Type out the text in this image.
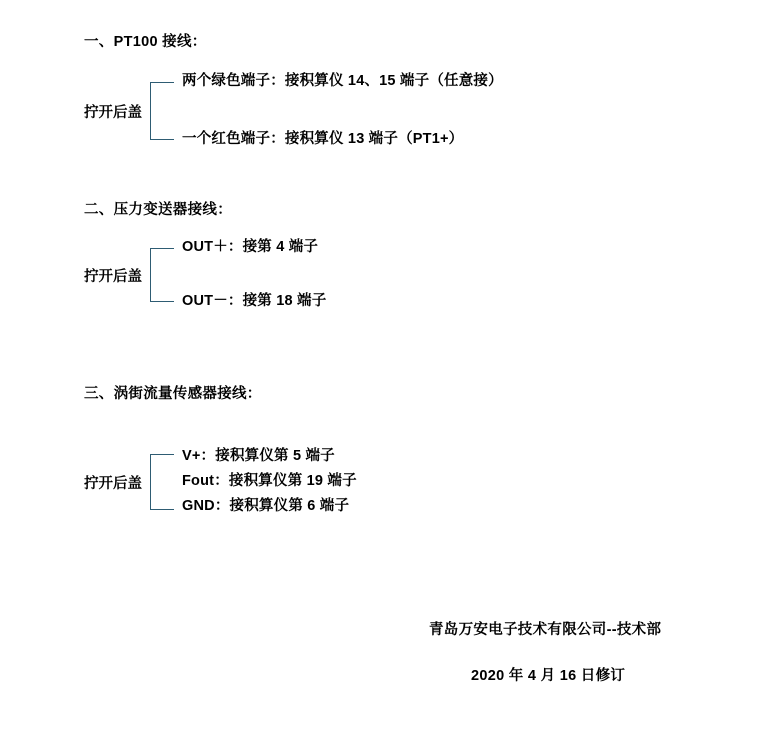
一、PT100 接线：
拧开后盖
两个绿色端子：接积算仪 14、15 端子（任意接）
一个红色端子：接积算仪 13 端子（PT1+）
二、压力变送器接线：
拧开后盖
OUT＋：接第 4 端子
OUT－：接第 18 端子
三、涡街流量传感器接线：
拧开后盖
V+：接积算仪第 5 端子
Fout：接积算仪第 19 端子
GND：接积算仪第 6 端子
青岛万安电子技术有限公司--技术部
2020 年 4 月 16 日修订
